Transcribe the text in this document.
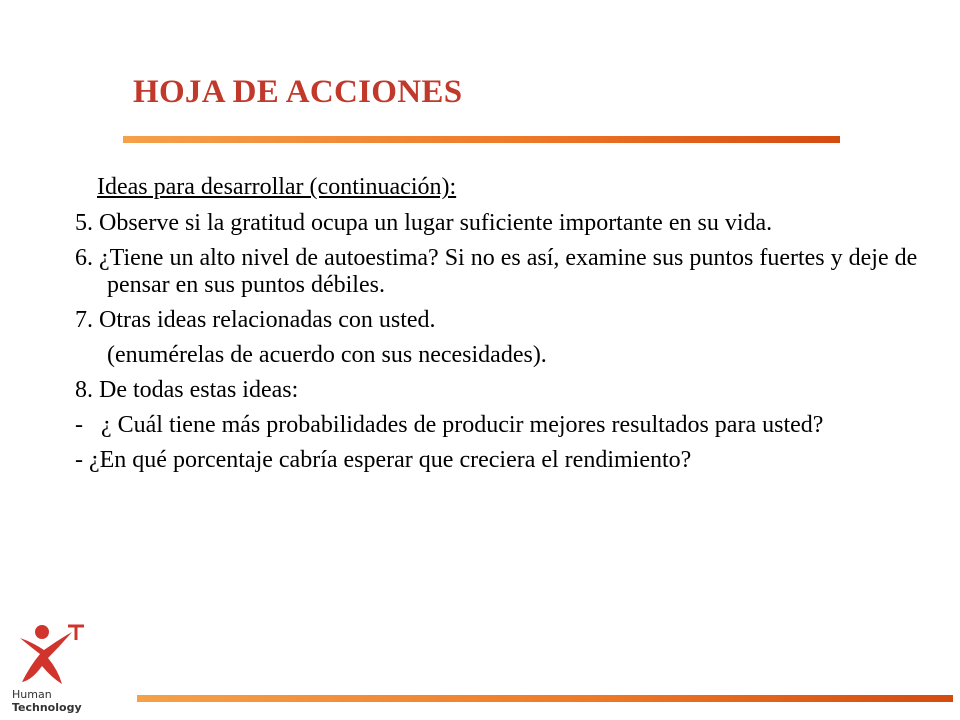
HOJA DE ACCIONES

Ideas para desarrollar (continuación):

5. Observe si la gratitud ocupa un lugar suficiente importante en su vida.

6. ¿Tiene un alto nivel de autoestima? Si no es así, examine sus puntos fuertes y deje de pensar en sus puntos débiles.

7. Otras ideas relacionadas con usted.

(enumérelas de acuerdo con sus necesidades).

8. De todas estas ideas:

-   ¿ Cuál tiene más probabilidades de producir mejores resultados para usted?

- ¿En qué porcentaje cabría esperar que creciera el rendimiento?

Human
Technology
